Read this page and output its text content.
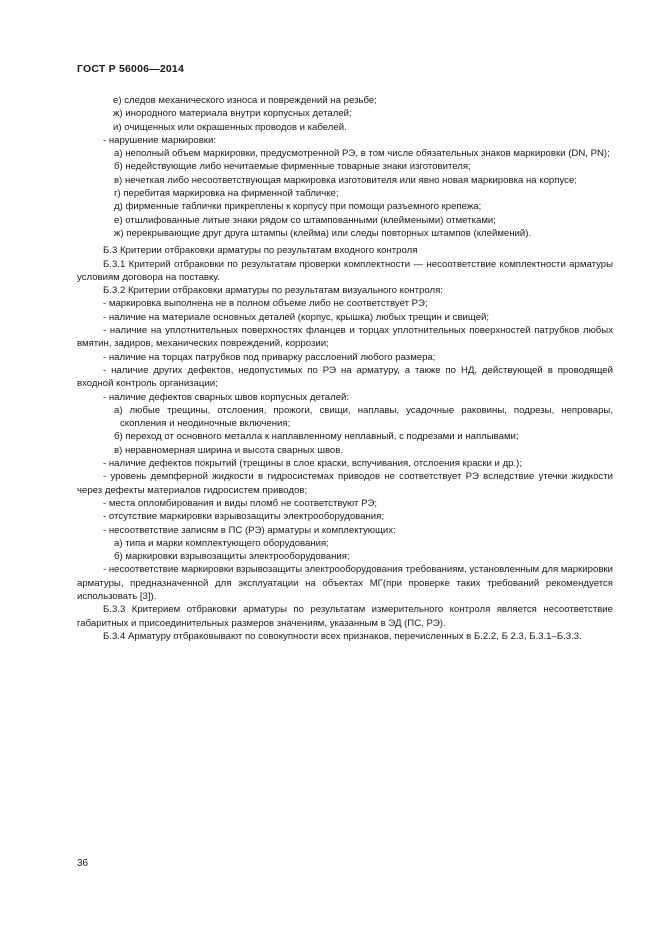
ГОСТ Р 56006—2014

е) следов механического износа и повреждений на резьбе;

ж) инородного материала внутри корпусных деталей;

и) очищенных или окрашенных проводов и кабелей.

- нарушение маркировки:

а) неполный объем маркировки, предусмотренной РЭ, в том числе обязательных знаков маркировки (DN, PN);

б) недействующие либо нечитаемые фирменные товарные знаки изготовителя;

в) нечеткая либо несоответствующая маркировка изготовителя или явно новая маркировка на корпусе;

г) перебитая маркировка на фирменной табличке;

д) фирменные таблички прикреплены к корпусу при помощи разъемного крепежа;

е) отшлифованные литые знаки рядом со штампованными (клеймеными) отметками;

ж) перекрывающие друг друга штампы (клейма) или следы повторных штампов (клеймений).

Б.3 Критерии отбраковки арматуры по результатам входного контроля

Б.3.1 Критерий отбраковки по результатам проверки комплектности — несоответствие комплектности арматуры условиям договора на поставку.

Б.3.2 Критерии отбраковки арматуры по результатам визуального контроля:

- маркировка выполнена не в полном объеме либо не соответствует РЭ;

- наличие на материале основных деталей (корпус, крышка) любых трещин и свищей;

- наличие на уплотнительных поверхностях фланцев и торцах уплотнительных поверхностей патрубков любых вмятин, задиров, механических повреждений, коррозии;

- наличие на торцах патрубков под приварку расслоений любого размера;

- наличие других дефектов, недопустимых по РЭ на арматуру, а также по НД, действующей в проводящей входной контроль организации;

- наличие дефектов сварных швов корпусных деталей:

а) любые трещины, отслоения, прожоги, свищи, наплавы, усадочные раковины, подрезы, непровары, скопления и неодиночные включения;

б) переход от основного металла к наплавленному неплавный, с подрезами и наплывами;

в) неравномерная ширина и высота сварных швов.

- наличие дефектов покрытий (трещины в слое краски, вспучивания, отслоения краски и др.);

- уровень демпферной жидкости в гидросистемах приводов не соответствует РЭ вследствие утечки жидкости через дефекты материалов гидросистем приводов;

- места опломбирования и виды пломб не соответствуют РЭ;

- отсутствие маркировки взрывозащиты электрооборудования;

- несоответствие записям в ПС (РЭ) арматуры и комплектующих:

а) типа и марки комплектующего оборудования;

б) маркировки взрывозащиты электрооборудования;

- несоответствие маркировки взрывозащиты электрооборудования требованиям, установленным для маркировки арматуры, предназначенной для эксплуатации на объектах МГ(при проверке таких требований рекомендуется использовать [3]).

Б.3.3 Критерием отбраковки арматуры по результатам измерительного контроля является несоответствие габаритных и присоединительных размеров значениям, указанным в ЭД (ПС, РЭ).

Б.3.4 Арматуру отбраковывают по совокупности всех признаков, перечисленных в Б.2.2, Б 2.3, Б.3.1–Б.3.3.

36
